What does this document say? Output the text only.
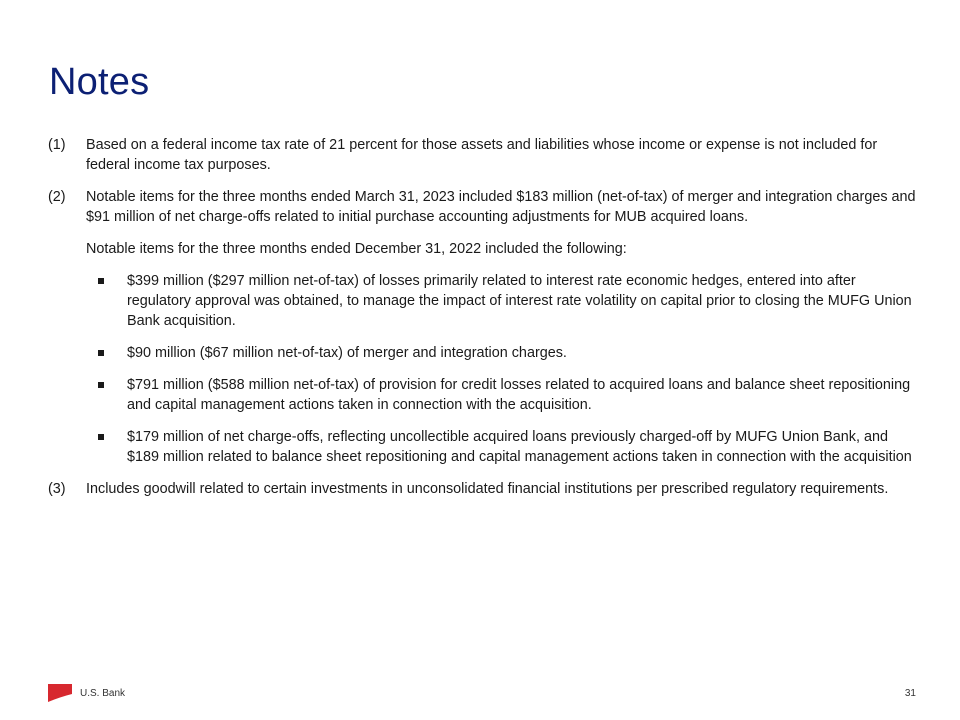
Notes
(1) Based on a federal income tax rate of 21 percent for those assets and liabilities whose income or expense is not included for federal income tax purposes.
(2) Notable items for the three months ended March 31, 2023 included $183 million (net-of-tax) of merger and integration charges and $91 million of net charge-offs related to initial purchase accounting adjustments for MUB acquired loans.
Notable items for the three months ended December 31, 2022 included the following:
$399 million ($297 million net-of-tax) of losses primarily related to interest rate economic hedges, entered into after regulatory approval was obtained, to manage the impact of interest rate volatility on capital prior to closing the MUFG Union Bank acquisition.
$90 million ($67 million net-of-tax) of merger and integration charges.
$791 million ($588 million net-of-tax) of provision for credit losses related to acquired loans and balance sheet repositioning and capital management actions taken in connection with the acquisition.
$179 million of net charge-offs, reflecting uncollectible acquired loans previously charged-off by MUFG Union Bank, and $189 million related to balance sheet repositioning and capital management actions taken in connection with the acquisition
(3) Includes goodwill related to certain investments in unconsolidated financial institutions per prescribed regulatory requirements.
U.S. Bank	31
